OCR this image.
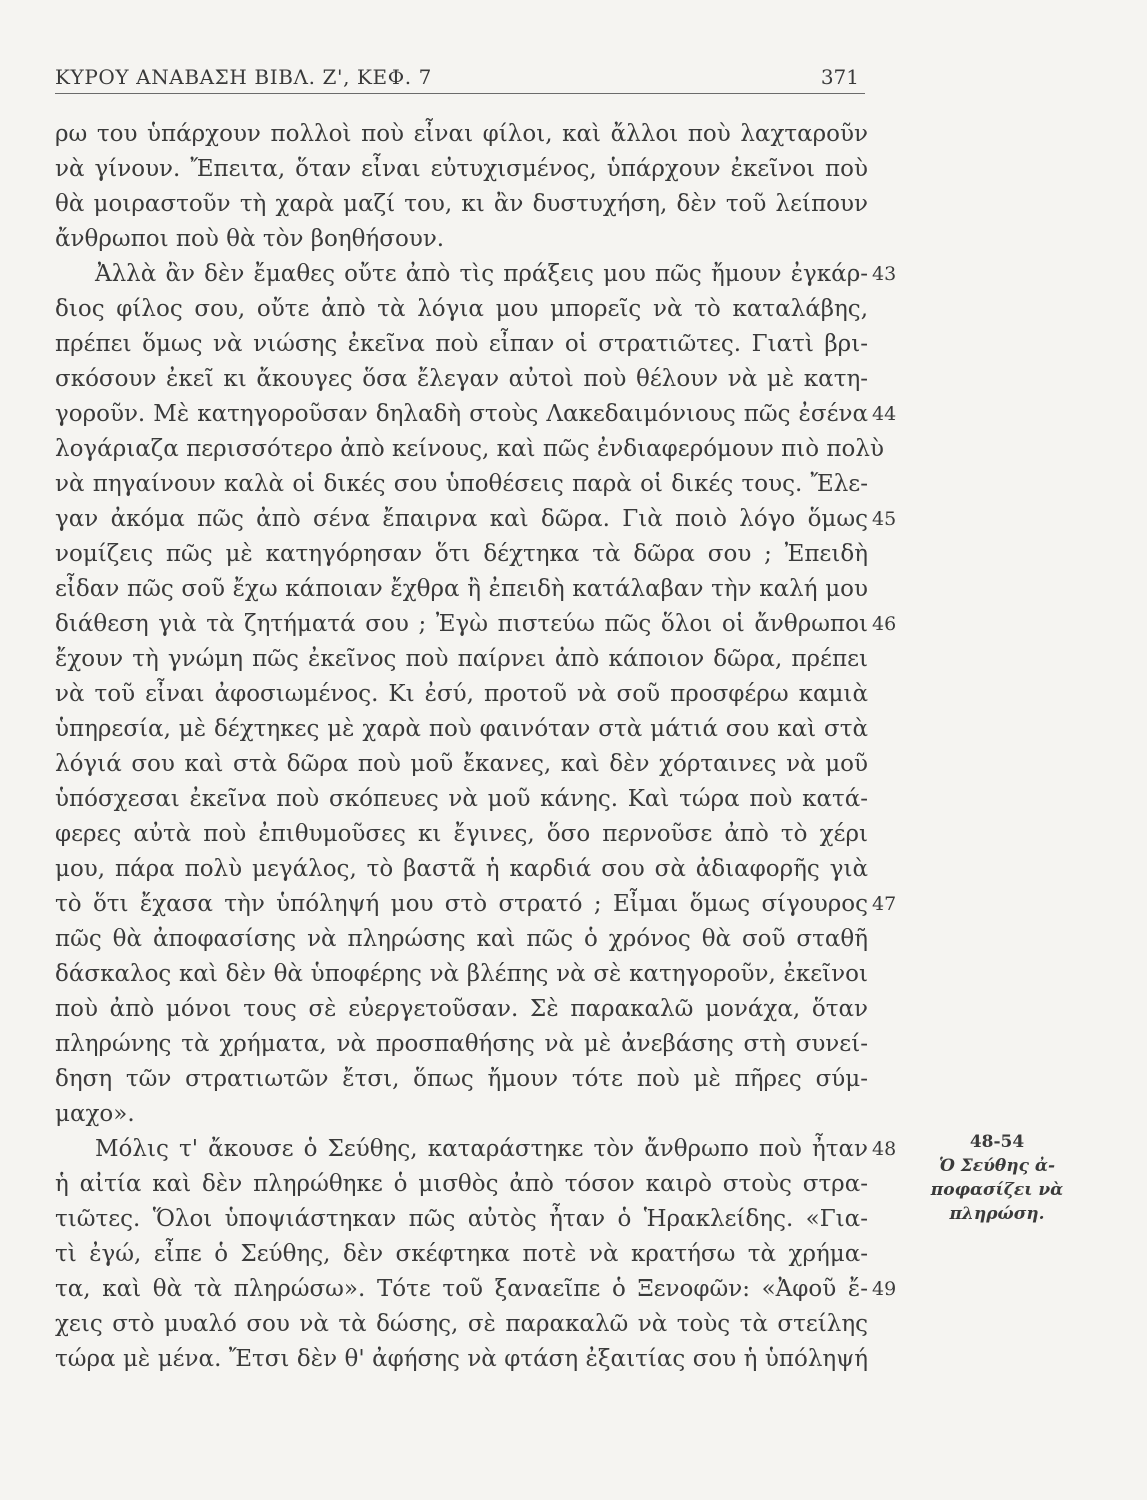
ΚΥΡΟΥ ΑΝΑΒΑΣΗ ΒΙΒΛ. Ζ', ΚΕΦ. 7	371
ρω του ὑπάρχουν πολλοὶ ποὺ εἶναι φίλοι, καὶ ἄλλοι ποὺ λαχταροῦν
νὰ γίνουν. Ἔπειτα, ὅταν εἶναι εὐτυχισμένος, ὑπάρχουν ἐκεῖνοι ποὺ
θὰ μοιραστοῦν τὴ χαρὰ μαζί του, κι ἂν δυστυχήση, δὲν τοῦ λείπουν
ἄνθρωποι ποὺ θὰ τὸν βοηθήσουν.
Ἀλλὰ ἂν δὲν ἔμαθες οὔτε ἀπὸ τὶς πράξεις μου πῶς ἤμουν ἐγκάρ-
διος φίλος σου, οὔτε ἀπὸ τὰ λόγια μου μπορεῖς νὰ τὸ καταλάβης,
πρέπει ὅμως νὰ νιώσης ἐκεῖνα ποὺ εἶπαν οἱ στρατιῶτες. Γιατὶ βρι-
σκόσουν ἐκεῖ κι ἄκουγες ὅσα ἔλεγαν αὐτοὶ ποὺ θέλουν νὰ μὲ κατη-
γοροῦν. Μὲ κατηγοροῦσαν δηλαδὴ στοὺς Λακεδαιμόνιους πῶς ἐσένα
λογάριαζα περισσότερο ἀπὸ κείνους, καὶ πῶς ἐνδιαφερόμουν πιὸ πολὺ
νὰ πηγαίνουν καλὰ οἱ δικές σου ὑποθέσεις παρὰ οἱ δικές τους. Ἔλε-
γαν ἀκόμα πῶς ἀπὸ σένα ἔπαιρνα καὶ δῶρα. Γιὰ ποιὸ λόγο ὅμως
νομίζεις πῶς μὲ κατηγόρησαν ὅτι δέχτηκα τὰ δῶρα σου ; Ἐπειδὴ
εἶδαν πῶς σοῦ ἔχω κάποιαν ἔχθρα ἢ ἐπειδὴ κατάλαβαν τὴν καλή μου
διάθεση γιὰ τὰ ζητήματά σου ; Ἐγὼ πιστεύω πῶς ὅλοι οἱ ἄνθρωποι
ἔχουν τὴ γνώμη πῶς ἐκεῖνος ποὺ παίρνει ἀπὸ κάποιον δῶρα, πρέπει
νὰ τοῦ εἶναι ἀφοσιωμένος. Κι ἐσύ, προτοῦ νὰ σοῦ προσφέρω καμιὰ
ὑπηρεσία, μὲ δέχτηκες μὲ χαρὰ ποὺ φαινόταν στὰ μάτιά σου καὶ στὰ
λόγιά σου καὶ στὰ δῶρα ποὺ μοῦ ἔκανες, καὶ δὲν χόρταινες νὰ μοῦ
ὑπόσχεσαι ἐκεῖνα ποὺ σκόπευες νὰ μοῦ κάνης. Καὶ τώρα ποὺ κατά-
φερες αὐτὰ ποὺ ἐπιθυμοῦσες κι ἔγινες, ὅσο περνοῦσε ἀπὸ τὸ χέρι
μου, πάρα πολὺ μεγάλος, τὸ βαστᾶ ἡ καρδιά σου σὰ ἀδιαφορῆς γιὰ
τὸ ὅτι ἔχασα τὴν ὑπόληψή μου στὸ στρατό ; Εἶμαι ὅμως σίγουρος
πῶς θὰ ἀποφασίσης νὰ πληρώσης καὶ πῶς ὁ χρόνος θὰ σοῦ σταθῆ
δάσκαλος καὶ δὲν θὰ ὑποφέρης νὰ βλέπης νὰ σὲ κατηγοροῦν, ἐκεῖνοι
ποὺ ἀπὸ μόνοι τους σὲ εὐεργετοῦσαν. Σὲ παρακαλῶ μονάχα, ὅταν
πληρώνης τὰ χρήματα, νὰ προσπαθήσης νὰ μὲ ἀνεβάσης στὴ συνεί-
δηση τῶν στρατιωτῶν ἔτσι, ὅπως ἤμουν τότε ποὺ μὲ πῆρες σύμ-
μαχο».
Μόλις τ' ἄκουσε ὁ Σεύθης, καταράστηκε τὸν ἄνθρωπο ποὺ ἦταν
ἡ αἰτία καὶ δὲν πληρώθηκε ὁ μισθὸς ἀπὸ τόσον καιρὸ στοὺς στρα-
τιῶτες. Ὅλοι ὑποψιάστηκαν πῶς αὐτὸς ἦταν ὁ Ἡρακλείδης. «Για-
τὶ ἐγώ, εἶπε ὁ Σεύθης, δὲν σκέφτηκα ποτὲ νὰ κρατήσω τὰ χρήμα-
τα, καὶ θὰ τὰ πληρώσω». Τότε τοῦ ξαναεῖπε ὁ Ξενοφῶν: «Ἀφοῦ ἔ-
χεις στὸ μυαλό σου νὰ τὰ δώσης, σὲ παρακαλῶ νὰ τοὺς τὰ στείλης
τώρα μὲ μένα. Ἔτσι δὲν θ' ἀφήσης νὰ φτάση ἐξαιτίας σου ἡ ὑπόληψή
43
44
45
46
47
48
49
48-54
Ὁ Σεύθης ἀ-
ποφασίζει νὰ
πληρώση.
